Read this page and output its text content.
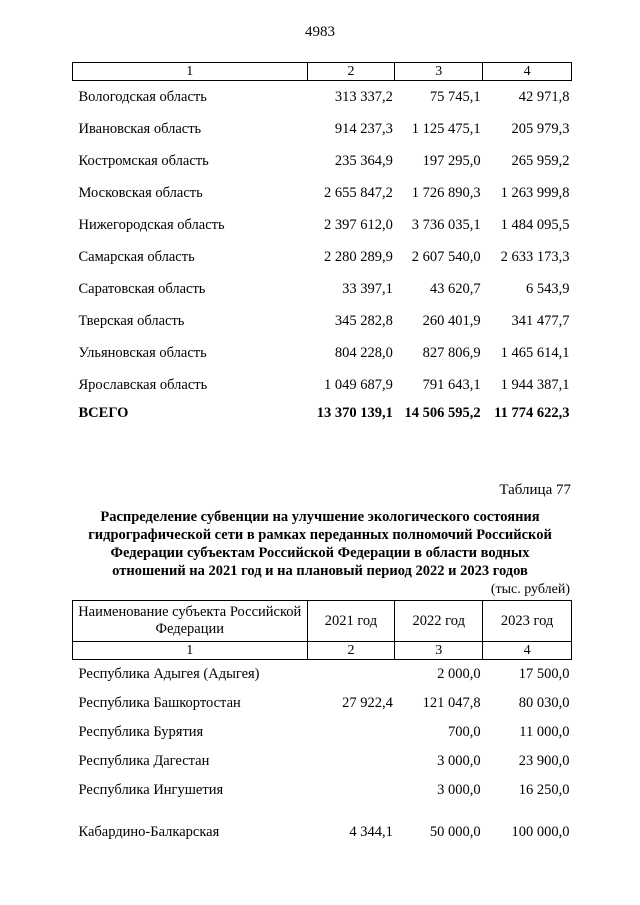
4983
1	2	3	4
Вологодская область	313 337,2	75 745,1	42 971,8
Ивановская область	914 237,3	1 125 475,1	205 979,3
Костромская область	235 364,9	197 295,0	265 959,2
Московская область	2 655 847,2	1 726 890,3	1 263 999,8
Нижегородская область	2 397 612,0	3 736 035,1	1 484 095,5
Самарская область	2 280 289,9	2 607 540,0	2 633 173,3
Саратовская область	33 397,1	43 620,7	6 543,9
Тверская область	345 282,8	260 401,9	341 477,7
Ульяновская область	804 228,0	827 806,9	1 465 614,1
Ярославская область	1 049 687,9	791 643,1	1 944 387,1
ВСЕГО	13 370 139,1	14 506 595,2	11 774 622,3
Таблица 77
Распределение субвенции на улучшение экологического состояния гидрографической сети в рамках переданных полномочий Российской Федерации субъектам Российской Федерации в области водных отношений на 2021 год и на плановый период 2022 и 2023 годов
(тыс. рублей)
Наименование субъекта Российской Федерации	2021 год	2022 год	2023 год
1	2	3	4
Республика Адыгея (Адыгея)		2 000,0	17 500,0
Республика Башкортостан	27 922,4	121 047,8	80 030,0
Республика Бурятия		700,0	11 000,0
Республика Дагестан		3 000,0	23 900,0
Республика Ингушетия		3 000,0	16 250,0
Кабардино-Балкарская	4 344,1	50 000,0	100 000,0
